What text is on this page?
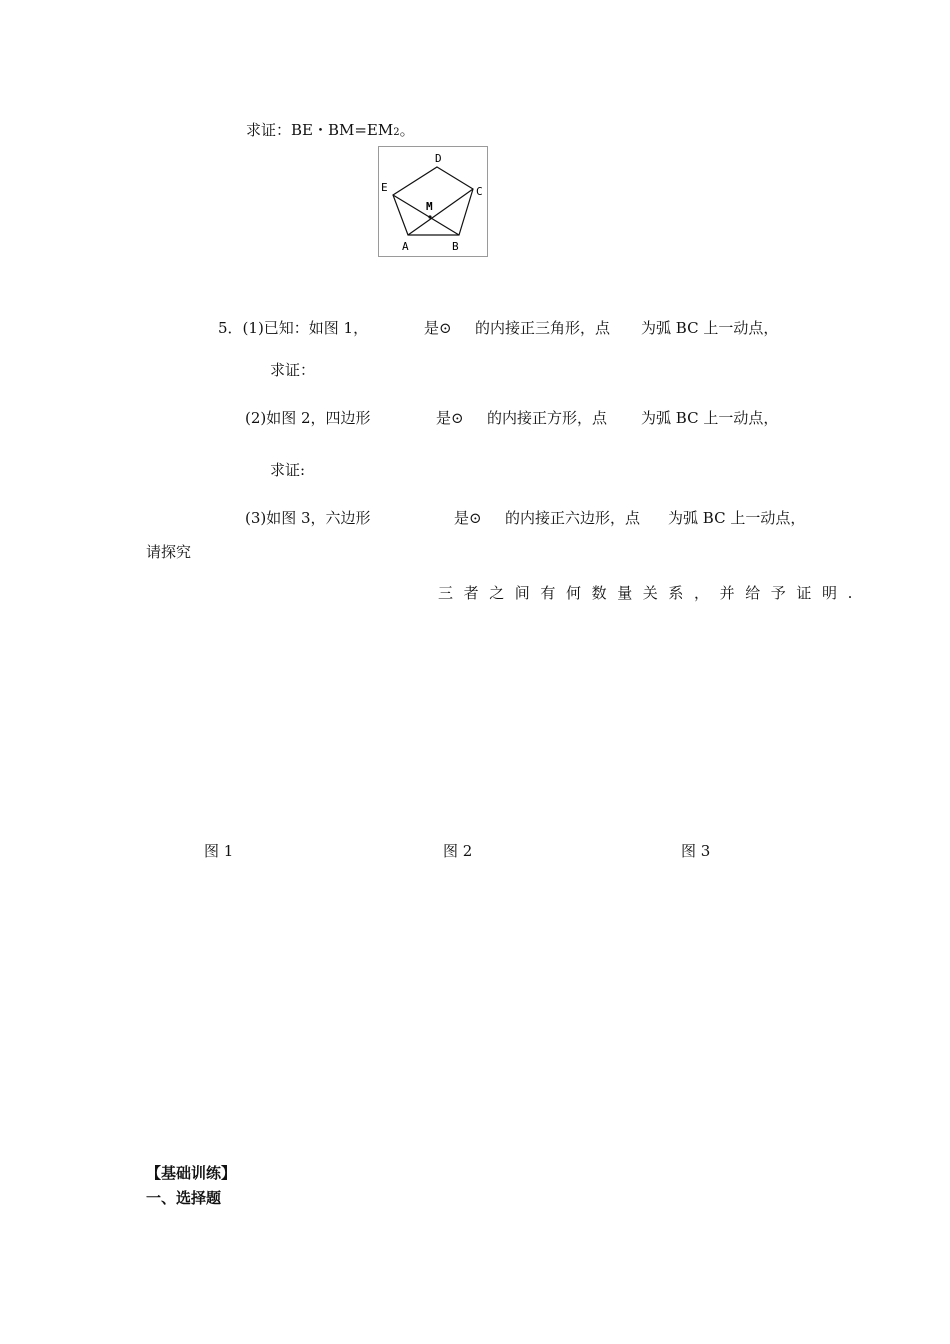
求证：BE・BM=EM2。
D
E	C
M
A	B
5．(1)已知：如图 1，	是⊙ 的内接正三角形，点 为弧 BC 上一动点，
求证：
(2)如图 2，四边形	是⊙ 的内接正方形，点 为弧 BC 上一动点，
求证:
(3)如图 3，六边形	是⊙ 的内接正六边形，点 为弧 BC 上一动点，
请探究
三者之间有何数量关系，并给予证明.
图 1	图 2	图 3
【基础训练】
一、选择题
